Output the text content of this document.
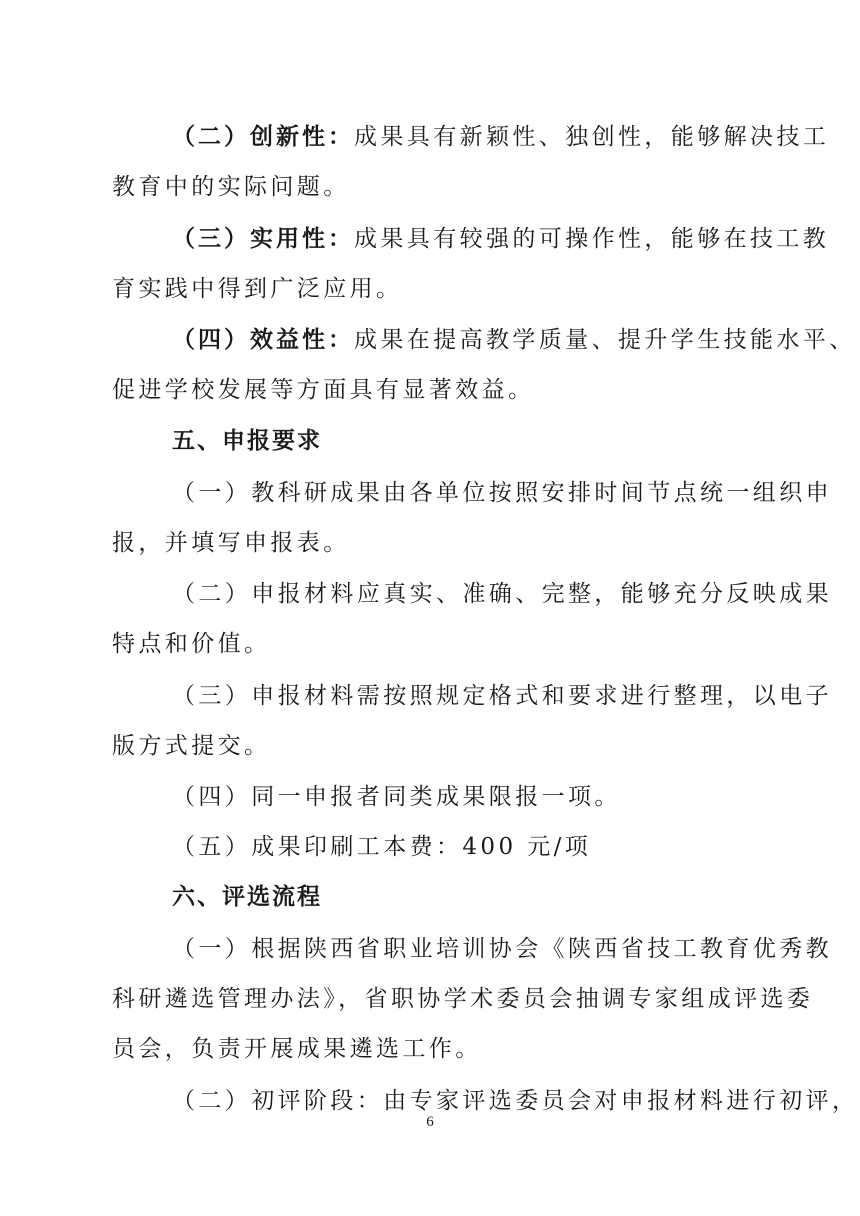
（二）创新性：成果具有新颖性、独创性，能够解决技工
教育中的实际问题。
（三）实用性：成果具有较强的可操作性，能够在技工教
育实践中得到广泛应用。
（四）效益性：成果在提高教学质量、提升学生技能水平、
促进学校发展等方面具有显著效益。
五、申报要求
（一）教科研成果由各单位按照安排时间节点统一组织申
报，并填写申报表。
（二）申报材料应真实、准确、完整，能够充分反映成果
特点和价值。
（三）申报材料需按照规定格式和要求进行整理，以电子
版方式提交。
（四）同一申报者同类成果限报一项。
（五）成果印刷工本费：400 元/项
六、评选流程
（一）根据陕西省职业培训协会《陕西省技工教育优秀教
科研遴选管理办法》，省职协学术委员会抽调专家组成评选委
员会，负责开展成果遴选工作。
（二）初评阶段：由专家评选委员会对申报材料进行初评，
6
